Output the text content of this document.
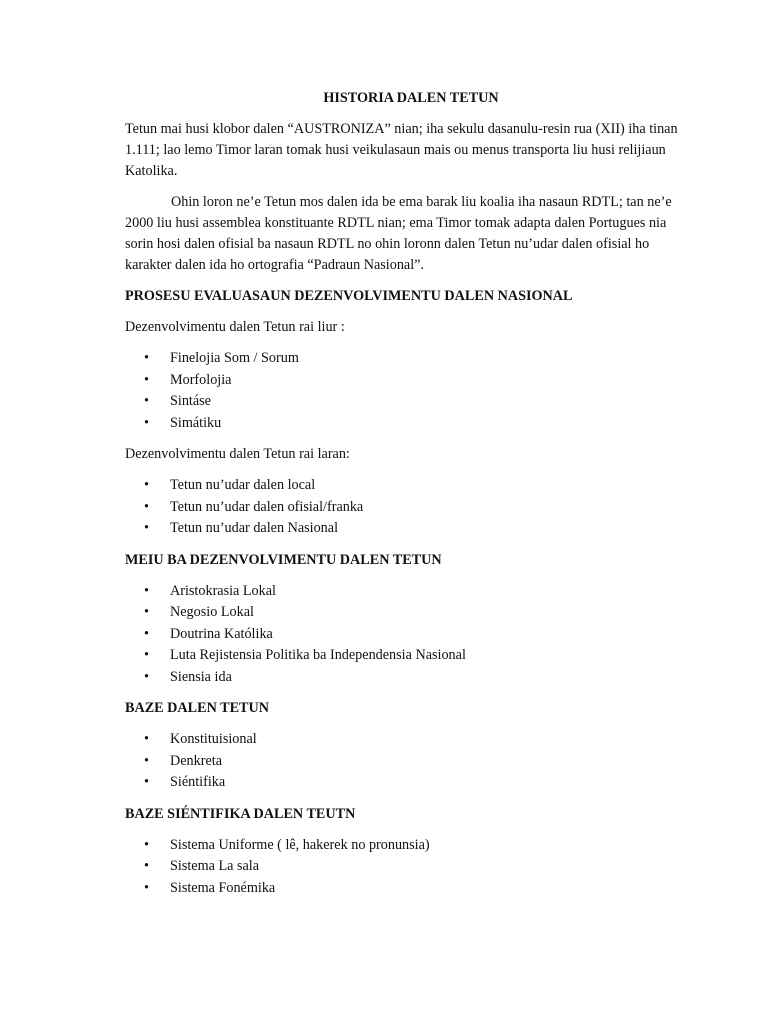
HISTORIA DALEN TETUN

Tetun mai husi klobor dalen “AUSTRONIZA” nian; iha sekulu dasanulu-resin rua (XII) iha tinan 1.111; lao lemo Timor laran tomak husi veikulasaun mais ou menus transporta liu husi relijiaun Katolika.

Ohin loron ne’e Tetun mos dalen ida be ema barak liu koalia iha nasaun RDTL; tan ne’e 2000 liu husi assemblea konstituante RDTL nian; ema Timor tomak adapta dalen Portugues nia sorin hosi dalen ofisial ba nasaun RDTL no ohin loronn dalen Tetun nu’udar dalen ofisial ho karakter dalen ida ho ortografia “Padraun Nasional”.

PROSESU EVALUASAUN DEZENVOLVIMENTU DALEN NASIONAL

Dezenvolvimentu dalen Tetun rai liur :

• Finelojia Som / Sorum
• Morfolojia
• Sintáse
• Simátiku

Dezenvolvimentu dalen Tetun rai laran:

• Tetun nu’udar dalen local
• Tetun nu’udar dalen ofisial/franka
• Tetun nu’udar dalen Nasional
MEIU BA DEZENVOLVIMENTU DALEN TETUN
• Aristokrasia Lokal
• Negosio Lokal
• Doutrina Katólika
• Luta Rejistensia Politika ba Independensia Nasional
• Siensia ida
BAZE DALEN TETUN
• Konstituisional
• Denkreta
• Siéntifika
BAZE SIÉNTIFIKA DALEN TEUTN
• Sistema Uniforme ( lê, hakerek no pronunsia)
• Sistema La sala
• Sistema Fonémika
